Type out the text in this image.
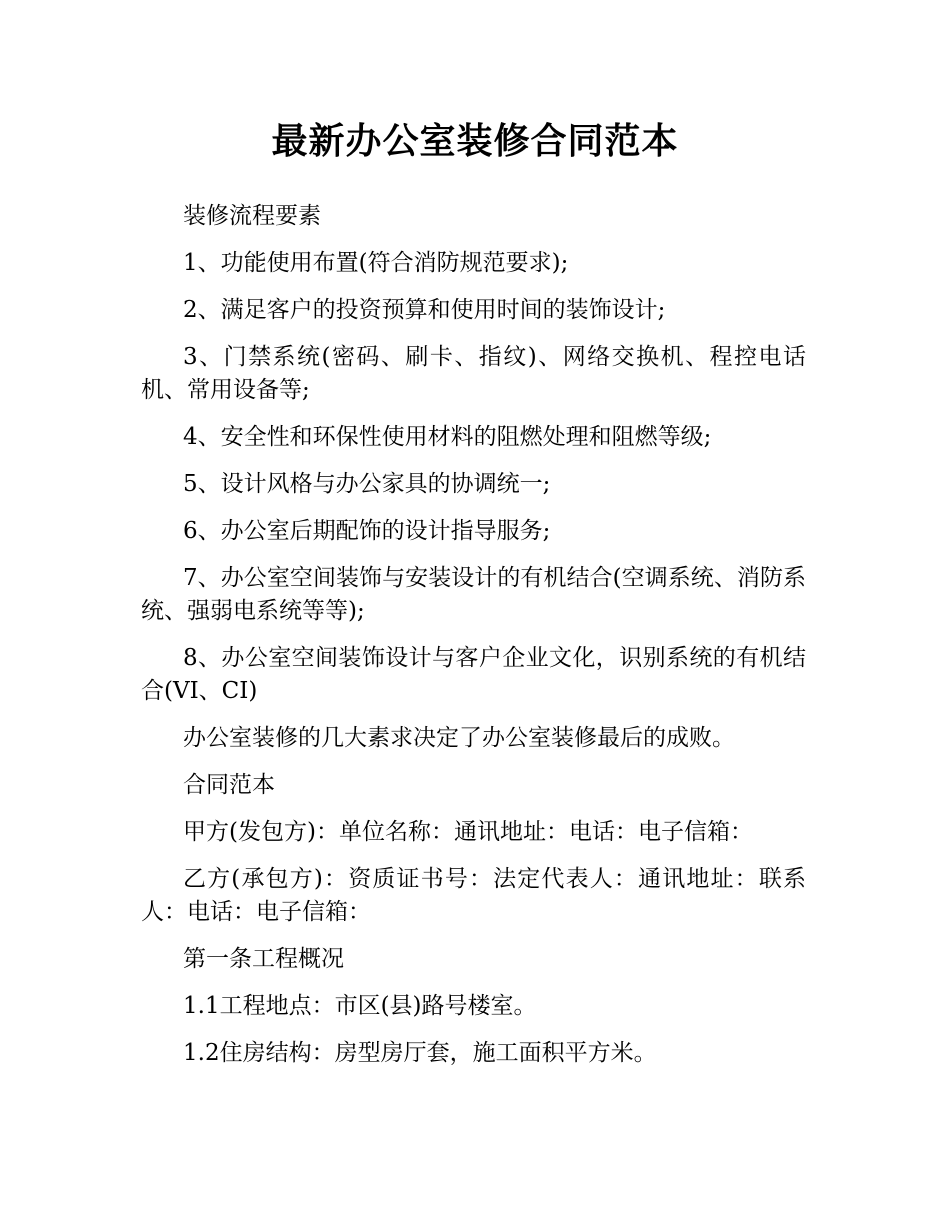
最新办公室装修合同范本

装修流程要素

1、功能使用布置(符合消防规范要求);

2、满足客户的投资预算和使用时间的装饰设计;

3、门禁系统(密码、刷卡、指纹)、网络交换机、程控电话机、常用设备等;

4、安全性和环保性使用材料的阻燃处理和阻燃等级;

5、设计风格与办公家具的协调统一;

6、办公室后期配饰的设计指导服务;

7、办公室空间装饰与安装设计的有机结合(空调系统、消防系统、强弱电系统等等);

8、办公室空间装饰设计与客户企业文化，识别系统的有机结合(VI、CI)

办公室装修的几大素求决定了办公室装修最后的成败。

合同范本

甲方(发包方)：单位名称：通讯地址：电话：电子信箱：

乙方(承包方)：资质证书号：法定代表人：通讯地址：联系人：电话：电子信箱：

第一条工程概况

1.1工程地点：市区(县)路号楼室。

1.2住房结构：房型房厅套，施工面积平方米。
